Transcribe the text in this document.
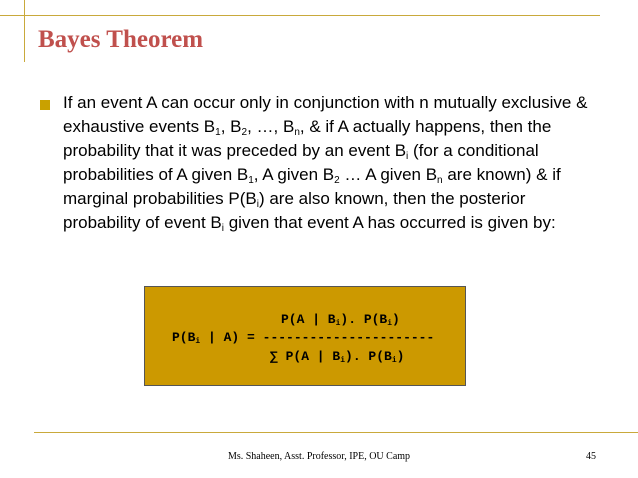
Bayes Theorem
If an event A can occur only in conjunction with n mutually exclusive & exhaustive events $B_1$, $B_2$, …, $B_n$, & if A actually happens, then the probability that it was preceded by an event $B_i$ (for a conditional probabilities of A given $B_1$, A given $B_2$ … A given $B_n$ are known) & if marginal probabilities $P(B_i)$ are also known, then the posterior probability of event $B_i$ given that event A has occurred is given by:
P(A | $B_i$). $P(B_i)$
$P(B_i$ | A) = ----------------------
∑ P(A | $B_i$). $P(B_i)$
Ms. Shaheen, Asst. Professor, IPE, OU Camp	45
